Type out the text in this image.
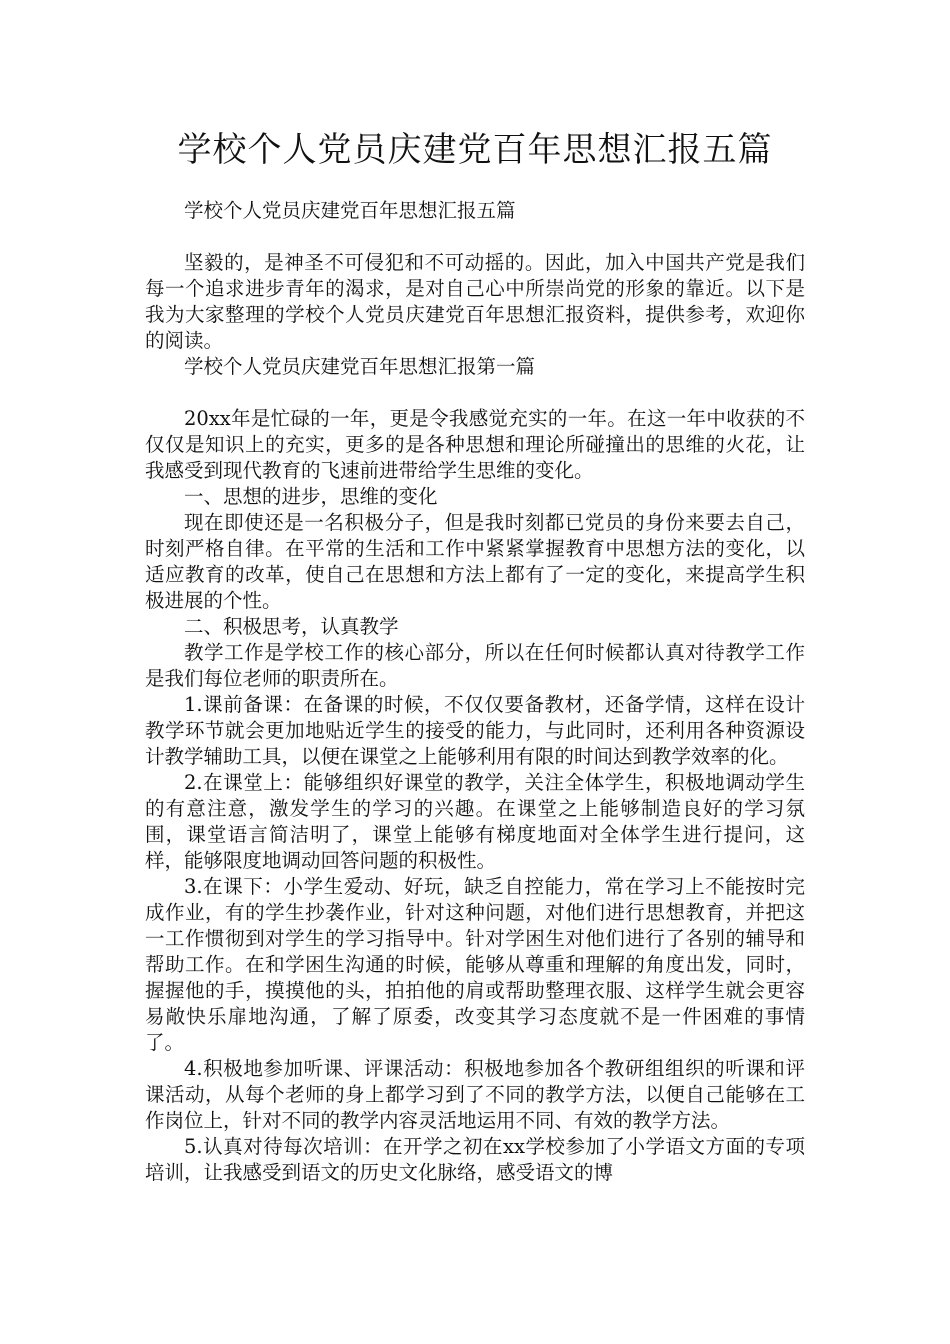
学校个人党员庆建党百年思想汇报五篇

学校个人党员庆建党百年思想汇报五篇

坚毅的，是神圣不可侵犯和不可动摇的。因此，加入中国共产党是我们每一个追求进步青年的渴求，是对自己心中所崇尚党的形象的靠近。以下是我为大家整理的学校个人党员庆建党百年思想汇报资料，提供参考，欢迎你的阅读。

学校个人党员庆建党百年思想汇报第一篇

20xx年是忙碌的一年，更是令我感觉充实的一年。在这一年中收获的不仅仅是知识上的充实，更多的是各种思想和理论所碰撞出的思维的火花，让我感受到现代教育的飞速前进带给学生思维的变化。

一、思想的进步，思维的变化

现在即使还是一名积极分子，但是我时刻都已党员的身份来要去自己，时刻严格自律。在平常的生活和工作中紧紧掌握教育中思想方法的变化，以适应教育的改革，使自己在思想和方法上都有了一定的变化，来提高学生积极进展的个性。

二、积极思考，认真教学

教学工作是学校工作的核心部分，所以在任何时候都认真对待教学工作是我们每位老师的职责所在。

1.课前备课：在备课的时候，不仅仅要备教材，还备学情，这样在设计教学环节就会更加地贴近学生的接受的能力，与此同时，还利用各种资源设计教学辅助工具，以便在课堂之上能够利用有限的时间达到教学效率的化。

2.在课堂上：能够组织好课堂的教学，关注全体学生，积极地调动学生的有意注意，激发学生的学习的兴趣。在课堂之上能够制造良好的学习氛围，课堂语言简洁明了，课堂上能够有梯度地面对全体学生进行提问，这样，能够限度地调动回答问题的积极性。

3.在课下：小学生爱动、好玩，缺乏自控能力，常在学习上不能按时完成作业，有的学生抄袭作业，针对这种问题，对他们进行思想教育，并把这一工作惯彻到对学生的学习指导中。针对学困生对他们进行了各别的辅导和帮助工作。在和学困生沟通的时候，能够从尊重和理解的角度出发，同时，握握他的手，摸摸他的头，拍拍他的肩或帮助整理衣服、这样学生就会更容易敞快乐扉地沟通，了解了原委，改变其学习态度就不是一件困难的事情了。

4.积极地参加听课、评课活动：积极地参加各个教研组组织的听课和评课活动，从每个老师的身上都学习到了不同的教学方法，以便自己能够在工作岗位上，针对不同的教学内容灵活地运用不同、有效的教学方法。

5.认真对待每次培训：在开学之初在xx学校参加了小学语文方面的专项培训，让我感受到语文的历史文化脉络，感受语文的博
